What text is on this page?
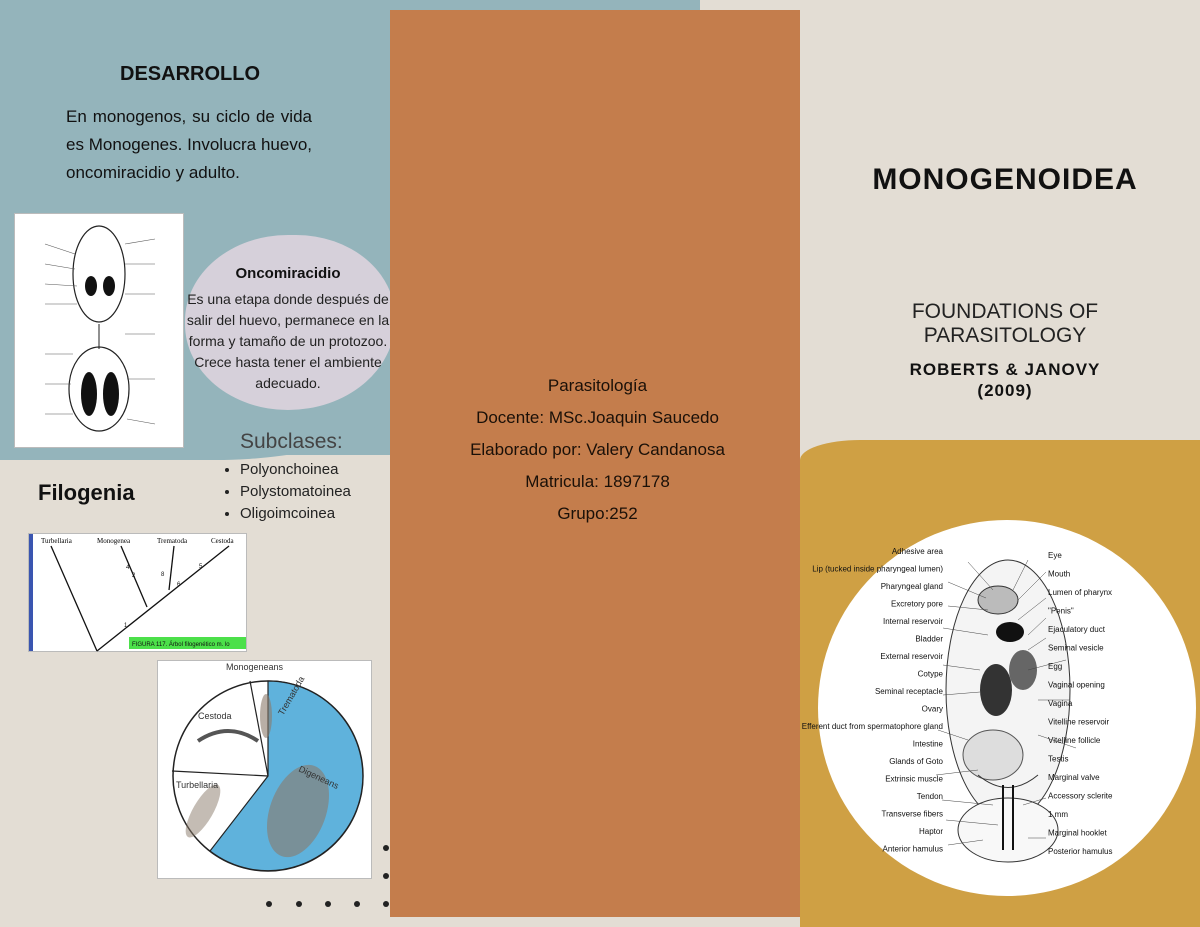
DESARROLLO
En monogenos, su ciclo de vida es Monogenes. Involucra huevo, oncomiracidio y adulto.
Oncomiracidio
Es una etapa donde después de salir del huevo, permanece en la forma y tamaño de un protozoo. Crece hasta tener el ambiente adecuado.
Subclases:
• Polyonchoinea
• Polystomatoinea
• Oligoimcoinea
Filogenia
Turbellaria	Monogenea	Trematoda	Cestoda
4
2	8
6
5
1
FIGURA 117. Árbol filogenético m. lo
Monogeneans
Cestoda	Trematoda
Digeneans
Turbellaria
Parasitología
Docente: MSc.Joaquin Saucedo
Elaborado por: Valery Candanosa
Matricula: 1897178
Grupo:252
MONOGENOIDEA
FOUNDATIONS OF
PARASITOLOGY
ROBERTS & JANOVY
(2009)
Adhesive area
Lip (tucked inside pharyngeal lumen)
Pharyngeal gland
Excretory pore
Internal reservoir
Bladder
External reservoir
Cotype
Seminal receptacle
Ovary
Efferent duct from spermatophore gland
Intestine
Glands of Goto
Extrinsic muscle
Tendon
Transverse fibers
Haptor
Anterior hamulus
Eye
Mouth
Lumen of pharynx
"Penis"
Ejaculatory duct
Seminal vesicle
Egg
Vaginal opening
Vagina
Vitelline reservoir
Vitelline follicle
Testis
Marginal valve
Accessory sclerite
1 mm
Marginal hooklet
Posterior hamulus
